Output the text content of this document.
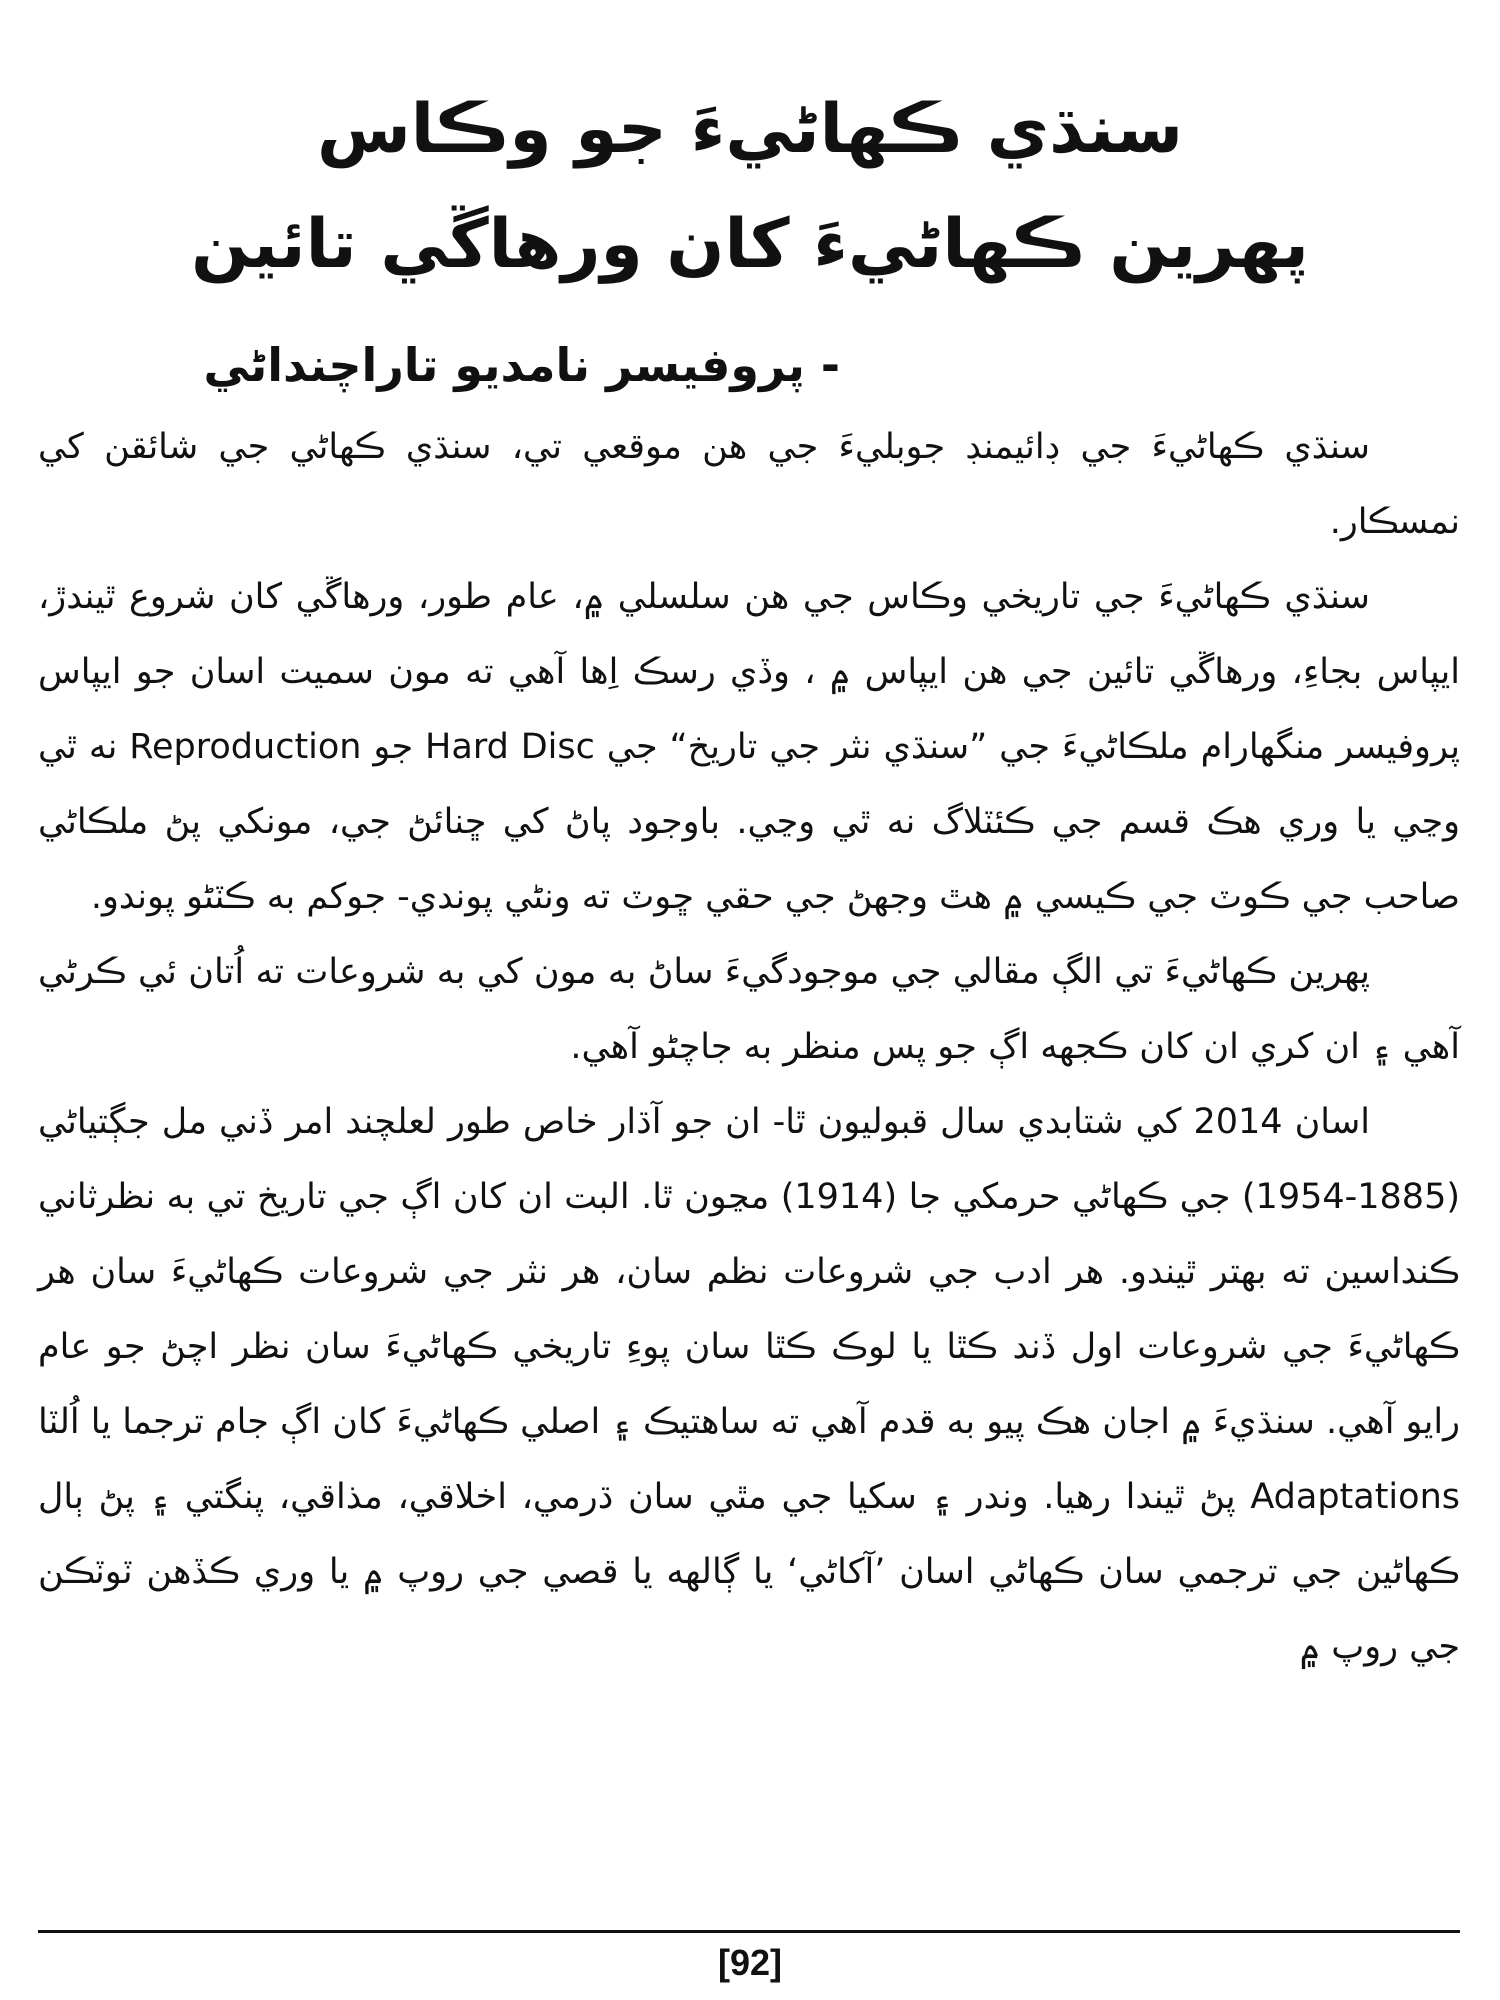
سنڌي ڪهاڻيءَ جو وڪاس
پهرين ڪهاڻيءَ کان ورهاڱي تائين
- پروفيسر نامديو تاراچنداڻي

سنڌي ڪهاڻيءَ جي ڊائيمنڊ جوبليءَ جي هن موقعي تي، سنڌي ڪهاڻي جي شائقن کي نمسڪار.

سنڌي ڪهاڻيءَ جي تاريخي وڪاس جي هن سلسلي ۾، عام طور، ورهاڱي کان شروع ٿيندڙ، ايپاس بجاءِ، ورهاڱي تائين جي هن ايپاس ۾ ، وڏي رسڪ اِها آهي ته مون سميت اسان جو ايپاس پروفيسر منگهارام ملڪاڻيءَ جي ”سنڌي نثر جي تاريخ“ جي Hard Disc جو Reproduction نه ٿي وڃي يا وري هڪ قسم جي ڪئٽلاگ نه ٿي وڃي. باوجود پاڻ کي ڇنائڻ جي، مونکي پڻ ملڪاڻي صاحب جي ڪوٽ جي ڪيسي ۾ هٿ وجهڻ جي حقي ڇوٽ ته ونڻي پوندي- جوکم به ڪٽڻو پوندو.

پهرين ڪهاڻيءَ تي الڳ مقالي جي موجودگيءَ ساڻ به مون کي به شروعات ته اُتان ئي ڪرڻي آهي ۽ ان کري ان کان ڪجهه اڳ جو پس منظر به جاچڻو آهي.

اسان 2014 کي شتابدي سال قبوليون ٿا- ان جو آڌار خاص طور لعلچند امر ڏني مل جڳتياڻي (1885-1954) جي ڪهاڻي حرمکي جا (1914) مڃون ٿا. البت ان کان اڳ جي تاريخ تي به نظرثاني ڪنداسين ته بهتر ٿيندو. هر ادب جي شروعات نظم سان، هر نثر جي شروعات ڪهاڻيءَ سان هر ڪهاڻيءَ جي شروعات اول ڏند ڪٿا يا لوڪ ڪٿا سان پوءِ تاريخي ڪهاڻيءَ سان نظر اچڻ جو عام رايو آهي. سنڌيءَ ۾ اجان هڪ پيو به قدم آهي ته ساهتيڪ ۽ اصلي ڪهاڻيءَ کان اڳ جام ترجما يا اُلٽا Adaptations پڻ ٿيندا رهيا. وندر ۽ سکيا جي مٿي سان ڌرمي، اخلاقي، مذاقي، پنگتي ۽ پڻ ٻال ڪهاڻين جي ترجمي سان ڪهاڻي اسان ’آکاڻي‘ يا ڳالهه يا قصي جي روپ ۾ يا وري ڪڏهن ٽوٽڪن جي روپ ۾

[92]
